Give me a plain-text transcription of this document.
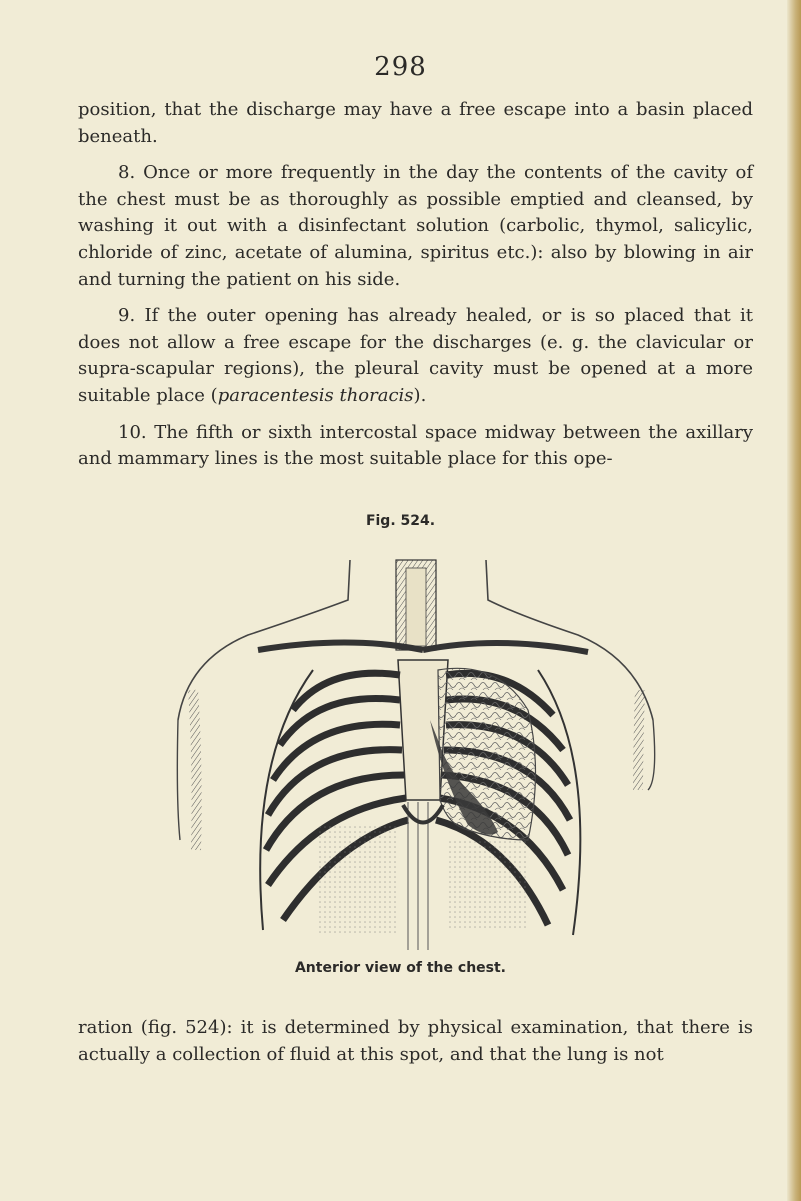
298

position, that the discharge may have a free escape into a basin placed beneath.

8. Once or more frequently in the day the contents of the cavity of the chest must be as thoroughly as possible emptied and cleansed, by washing it out with a disinfectant solution (carbolic, thymol, salicylic, chloride of zinc, acetate of alumina, spiritus etc.): also by blowing in air and turning the patient on his side.

9. If the outer opening has already healed, or is so placed that it does not allow a free escape for the discharges (e. g. the clavicular or supra-scapular regions), the pleural cavity must be opened at a more suitable place (paracentesis thoracis).

10. The fifth or sixth intercostal space midway between the axillary and mammary lines is the most suitable place for this ope-

Fig. 524.
Anterior view of the chest.

ration (fig. 524): it is determined by physical examination, that there is actually a collection of fluid at this spot, and that the lung is not
